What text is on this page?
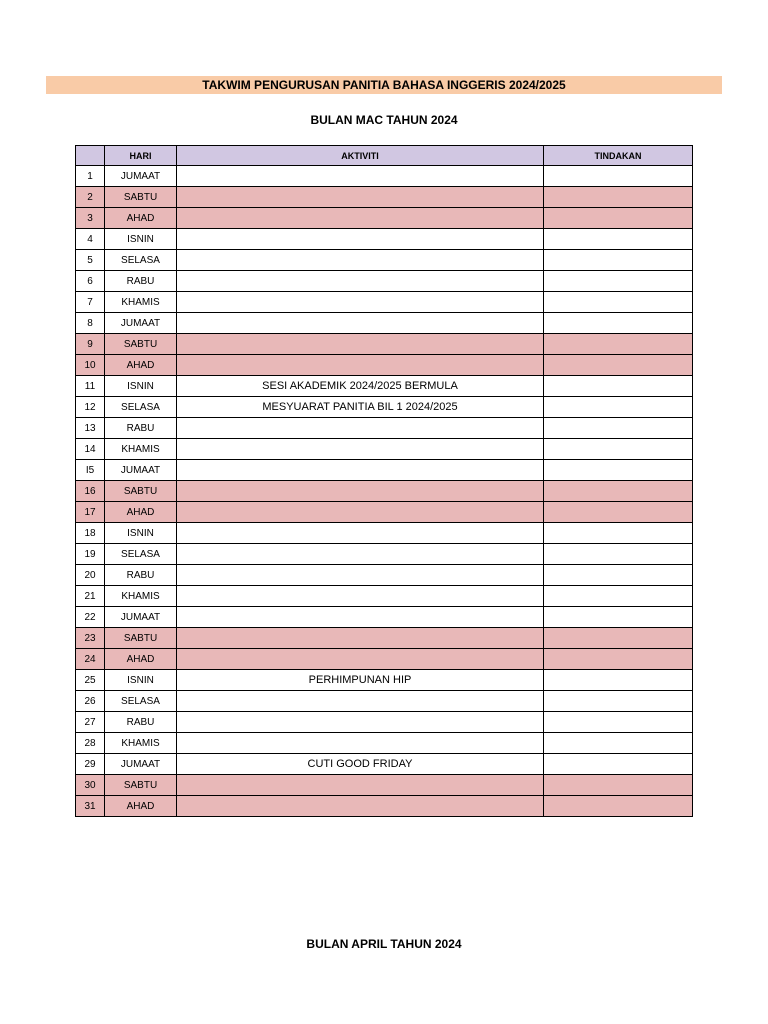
TAKWIM PENGURUSAN PANITIA BAHASA INGGERIS 2024/2025
BULAN MAC TAHUN 2024
	HARI	AKTIVITI	TINDAKAN
1	JUMAAT		
2	SABTU		
3	AHAD		
4	ISNIN		
5	SELASA		
6	RABU		
7	KHAMIS		
8	JUMAAT		
9	SABTU		
10	AHAD		
11	ISNIN	SESI AKADEMIK 2024/2025 BERMULA	
12	SELASA	MESYUARAT PANITIA BIL 1 2024/2025	
13	RABU		
14	KHAMIS		
I5	JUMAAT		
16	SABTU		
17	AHAD		
18	ISNIN		
19	SELASA		
20	RABU		
21	KHAMIS		
22	JUMAAT		
23	SABTU		
24	AHAD		
25	ISNIN	PERHIMPUNAN HIP	
26	SELASA		
27	RABU		
28	KHAMIS		
29	JUMAAT	CUTI GOOD FRIDAY	
30	SABTU		
31	AHAD		
BULAN APRIL TAHUN 2024
